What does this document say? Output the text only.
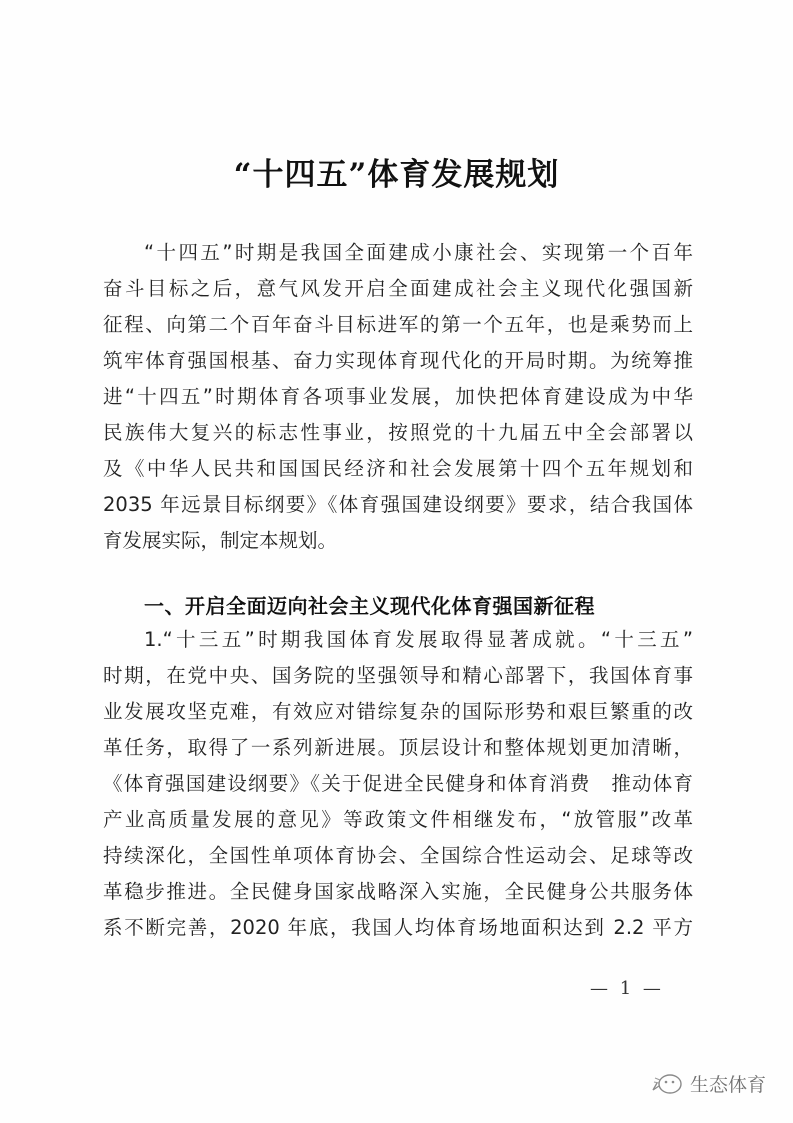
“十四五”体育发展规划
“十四五”时期是我国全面建成小康社会、实现第一个百年
奋斗目标之后，意气风发开启全面建成社会主义现代化强国新
征程、向第二个百年奋斗目标进军的第一个五年，也是乘势而上
筑牢体育强国根基、奋力实现体育现代化的开局时期。为统筹推
进“十四五”时期体育各项事业发展，加快把体育建设成为中华
民族伟大复兴的标志性事业，按照党的十九届五中全会部署以
及《中华人民共和国国民经济和社会发展第十四个五年规划和
2035 年远景目标纲要》《体育强国建设纲要》要求，结合我国体
育发展实际，制定本规划。
一、开启全面迈向社会主义现代化体育强国新征程
1.“十三五”时期我国体育发展取得显著成就。“十三五”
时期，在党中央、国务院的坚强领导和精心部署下，我国体育事
业发展攻坚克难，有效应对错综复杂的国际形势和艰巨繁重的改
革任务，取得了一系列新进展。顶层设计和整体规划更加清晰，
《体育强国建设纲要》《关于促进全民健身和体育消费　推动体育
产业高质量发展的意见》等政策文件相继发布，“放管服”改革
持续深化，全国性单项体育协会、全国综合性运动会、足球等改
革稳步推进。全民健身国家战略深入实施，全民健身公共服务体
系不断完善，2020 年底，我国人均体育场地面积达到 2.2 平方
— 1 —
生态体育
